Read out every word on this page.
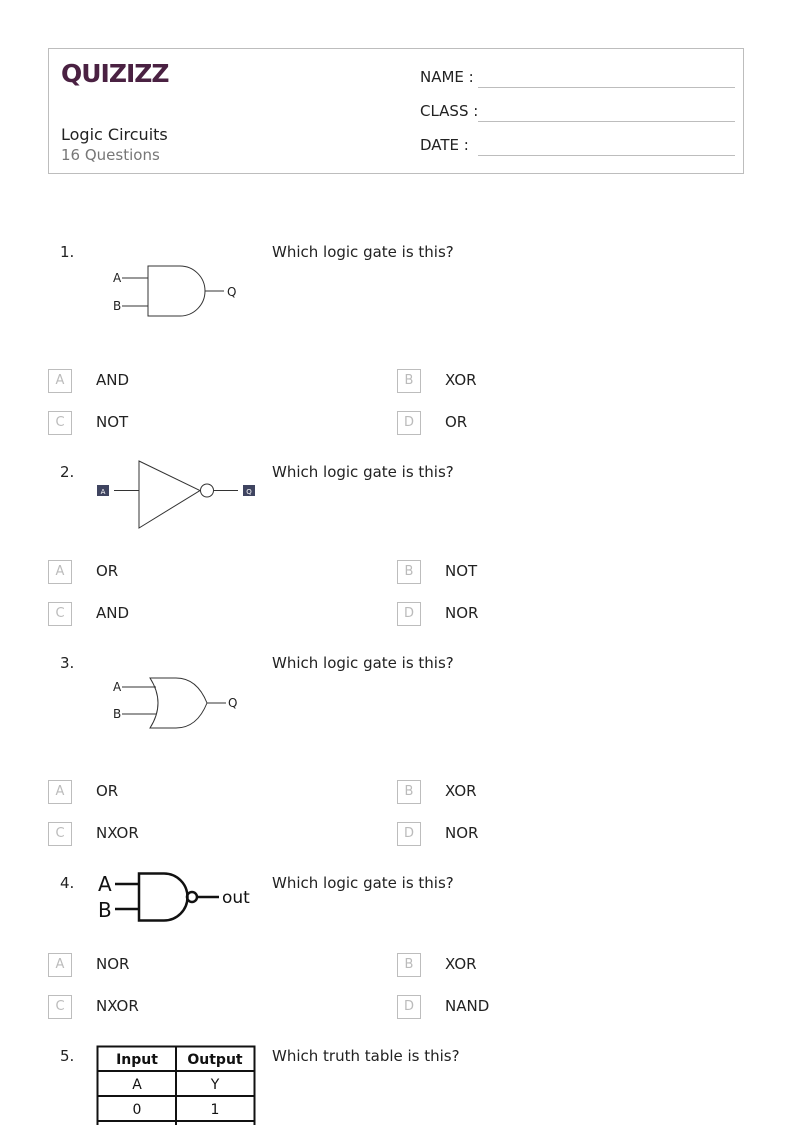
QUIZIZZ
Logic Circuits
16 Questions
NAME :
CLASS :
DATE :
1.
A
B
Q
Which logic gate is this?
A	AND	B	XOR
C	NOT	D	OR
2.
A	Q
Which logic gate is this?
A	OR	B	NOT
C	AND	D	NOR
3.
A
B
Q
Which logic gate is this?
A	OR	B	XOR
C	NXOR	D	NOR
4. A
B	out
Which logic gate is this?
A	NOR	B	XOR
C	NXOR	D	NAND
5.	Input Output
A	Y
0	1
Which truth table is this?
